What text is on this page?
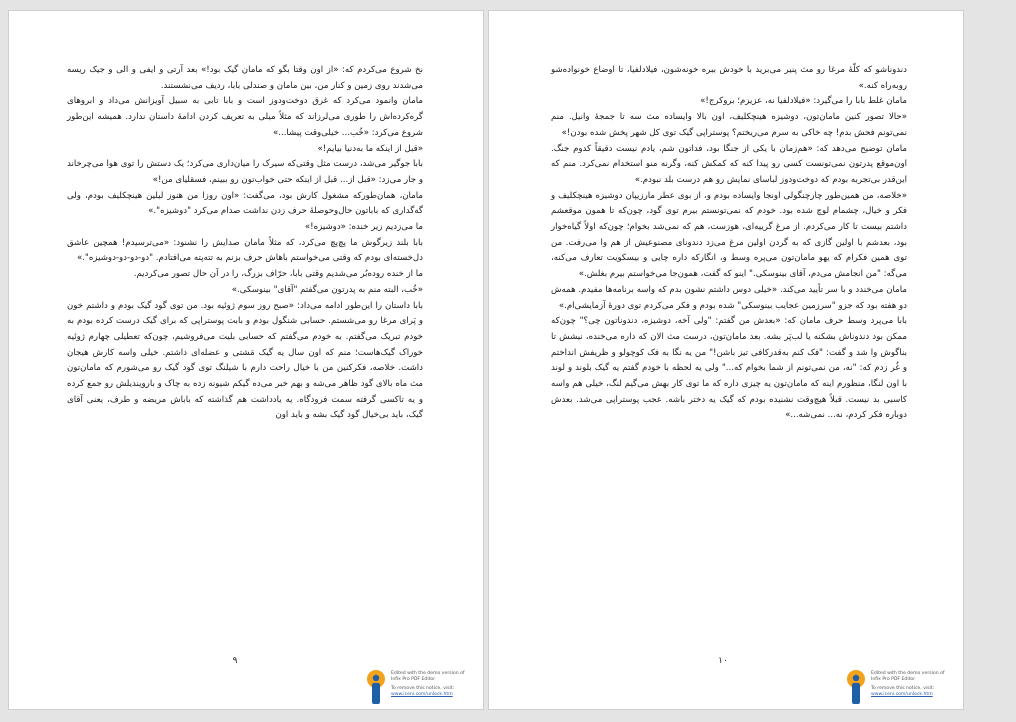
نخ شروع می‌کردم که: «از اون وقتا بگو که مامان گیک بود!» بعد آرتی و ایفی و الی و جیک ریسه می‌شدند روی زمین و کنار من، بین مامان و صندلی بابا، ردیف می‌نشستند.

مامان وانمود می‌کرد که غرق دوخت‌ودوز است و بابا تابی به سبیل آویزانش می‌داد و ابروهای گره‌کرده‌اش را طوری می‌لرزاند که مثلاً میلی به تعریف کردن ادامهٔ داستان ندارد. همیشه این‌طور شروع می‌کرد: «خُب... خیلی‌وقت پیشا...»

«قبل از اینکه ما به‌دنیا بیایم!»

بابا جوگیر می‌شد، درست مثل وقتی‌که سیرک را میان‌داری می‌کرد؛ یک دستش را توی هوا می‌چرخاند و جار می‌زد: «قبل از... قبل از اینکه حتی خواب‌تون رو ببینم، فسقلیای من!»

مامان، همان‌طورکه مشغول کارش بود، می‌گفت: «اون روزا من هنوز لیلین هینچکلیف بودم، ولی گه‌گداری که باباتون حال‌وحوصلهٔ حرف زدن نداشت صدام می‌کرد "دوشیزه".»

ما می‌زدیم زیر خنده: «دوشیزه!»

بابا بلند زیرگوش ما پچ‌پچ می‌کرد، که مثلاً مامان صدایش را نشنود: «می‌ترسیدم! همچین عاشق دل‌خسته‌ای بودم که وقتی می‌خواستم باهاش حرف بزنم به تته‌پته می‌افتادم. "دو-دو-دو-دوشیزه".»

ما از خنده روده‌بُر می‌شدیم وقتی بابا، حرّاف بزرگ، را در آن حال تصور می‌کردیم.

«خُب، البته منم به پدرتون می‌گفتم "آقای" بینوسکی.»

بابا داستان را این‌طور ادامه می‌داد: «صبح روز سوم ژوئیه بود. من توی گود گیک بودم و داشتم خون و پَرای مرغا رو می‌شستم. حسابی شنگول بودم و بابت پوستراپی که برای گیک درست کرده بودم به خودم تبریک می‌گفتم. به خودم می‌گفتم که حسابی بلیت می‌فروشیم، چون‌که تعطیلی چهارم ژوئیه خوراک گیک‌هاست؛ منم که اون سال یه گیک مَشتی و عضله‌ای داشتم. خیلی واسه کارش هیجان داشت. خلاصه، فکرکنین من با خیال راحت دارم با شیلنگ توی گود گیک رو می‌شورم که مامان‌تون مث ماه بالای گود ظاهر می‌شه و بهم خبر می‌ده گیکم شیونه زده به چاک و بارویندیلش رو جمع کرده و یه تاکسی گرفته سمت فرودگاه. یه یادداشت هم گذاشته که باباش مریضه و طرف، یعنی آقای گیک، باید بی‌خیال گود گیک بشه و باید اون

۹
Edited with the demo version of
Infix Pro PDF Editor
To remove this notice, visit:
www.iceni.com/unlock.htm

دندوناشو که کلّهٔ مرغا رو مث پنیر می‌برید با خودش ببره خونه‌شون، فیلادلفیا، تا اوضاع خونواده‌شو روبه‌راه کنه.»

مامان غلط بابا را می‌گیرد: «فیلادلفیا نه، عزیزم؛ بروکرج!»

«حالا تصور کنین مامان‌تون، دوشیزه هینچکلیف، اون بالا وایساده مث سه تا جمجهٔ وانیل. منم نمی‌تونم فحش بدم! چه خاکی به سرم می‌ریختم؟ پوستراپی گیک توی کل شهر پخش شده بودن!»

مامان توضیح می‌دهد که: «هم‌زمان با یکی از جنگا بود، فداتون شم، یادم نیست دقیقاً کدوم جنگ. اون‌موقع پدرتون نمی‌تونست کسی رو پیدا کنه که کمکش کنه، وگرنه منو استخدام نمی‌کرد. منم که این‌قدر بی‌تجربه بودم که دوخت‌ودوز لباسای نمایش رو هم درست بلد نبودم.»

«خلاصه، من همین‌طور چارچنگولی اونجا وایساده بودم و، از بوی عطر مارزیپان دوشیزه هینچکلیف و فکر و خیال، چشمام لوچ شده بود. خودم که نمی‌تونستم بیرم توی گود، چون‌که تا همون موقعشم داشتم بیست تا کار می‌کردم. از مرغ گرییه‌ای، هوزست، هم که نمی‌شد بخوام؛ چون‌که اولاً گیاه‌خوار بود، بعدشم با اولین گازی که به گردن اولین مرغ می‌زد دندونای مصنوعیش از هم وا می‌رفت. من توی همین فکرام که یهو مامان‌تون می‌پره وسط و، انگارکه داره چایی و بیسکویت تعارف می‌کنه، می‌گه: "من انجامش می‌دم، آقای بینوسکی." اینو که گفت، همون‌جا می‌خواستم بیرم بغلش.»

مامان می‌خندد و با سر تأیید می‌کند. «خیلی دوس داشتم نشون بدم که واسه برنامه‌ها مفیدم. همه‌ش دو هفته بود که جزو "سرزمین عجایب بینوسکی" شده بودم و فکر می‌کردم توی دورهٔ آزمایشی‌ام.»

بابا می‌پرد وسط حرف مامان که: «بعدش من گفتم: "ولی آخه، دوشیزه، دندوناتون چی؟" چون‌که ممکن بود دندوناش بشکنه یا لب‌پَر بشه. بعد مامان‌تون، درست مث الان که داره می‌خنده، نیشش تا بناگوش وا شد و گفت: "فک کنم به‌قدرکافی تیز باشن!" من یه نگا به فک کوچولو و ظریفش انداختم و غُر زدم که: "نه، من نمی‌تونم از شما بخوام که..." ولی یه لحظه با خودم گفتم یه گیک بلوند و لوند با اون لنگا، منظورم اینه که مامان‌تون یه چیزی داره که ما توی کار بهش می‌گیم لنگ، خیلی هم واسه کاسبی بد نیست. قبلاً هیچ‌وقت نشنیده بودم که گیک یه دختر باشه. عجب پوستراپی می‌شد. بعدش دوباره فکر کردم، نه... نمی‌شه...»

۱۰
Edited with the demo version of
Infix Pro PDF Editor
To remove this notice, visit:
www.iceni.com/unlock.htm
